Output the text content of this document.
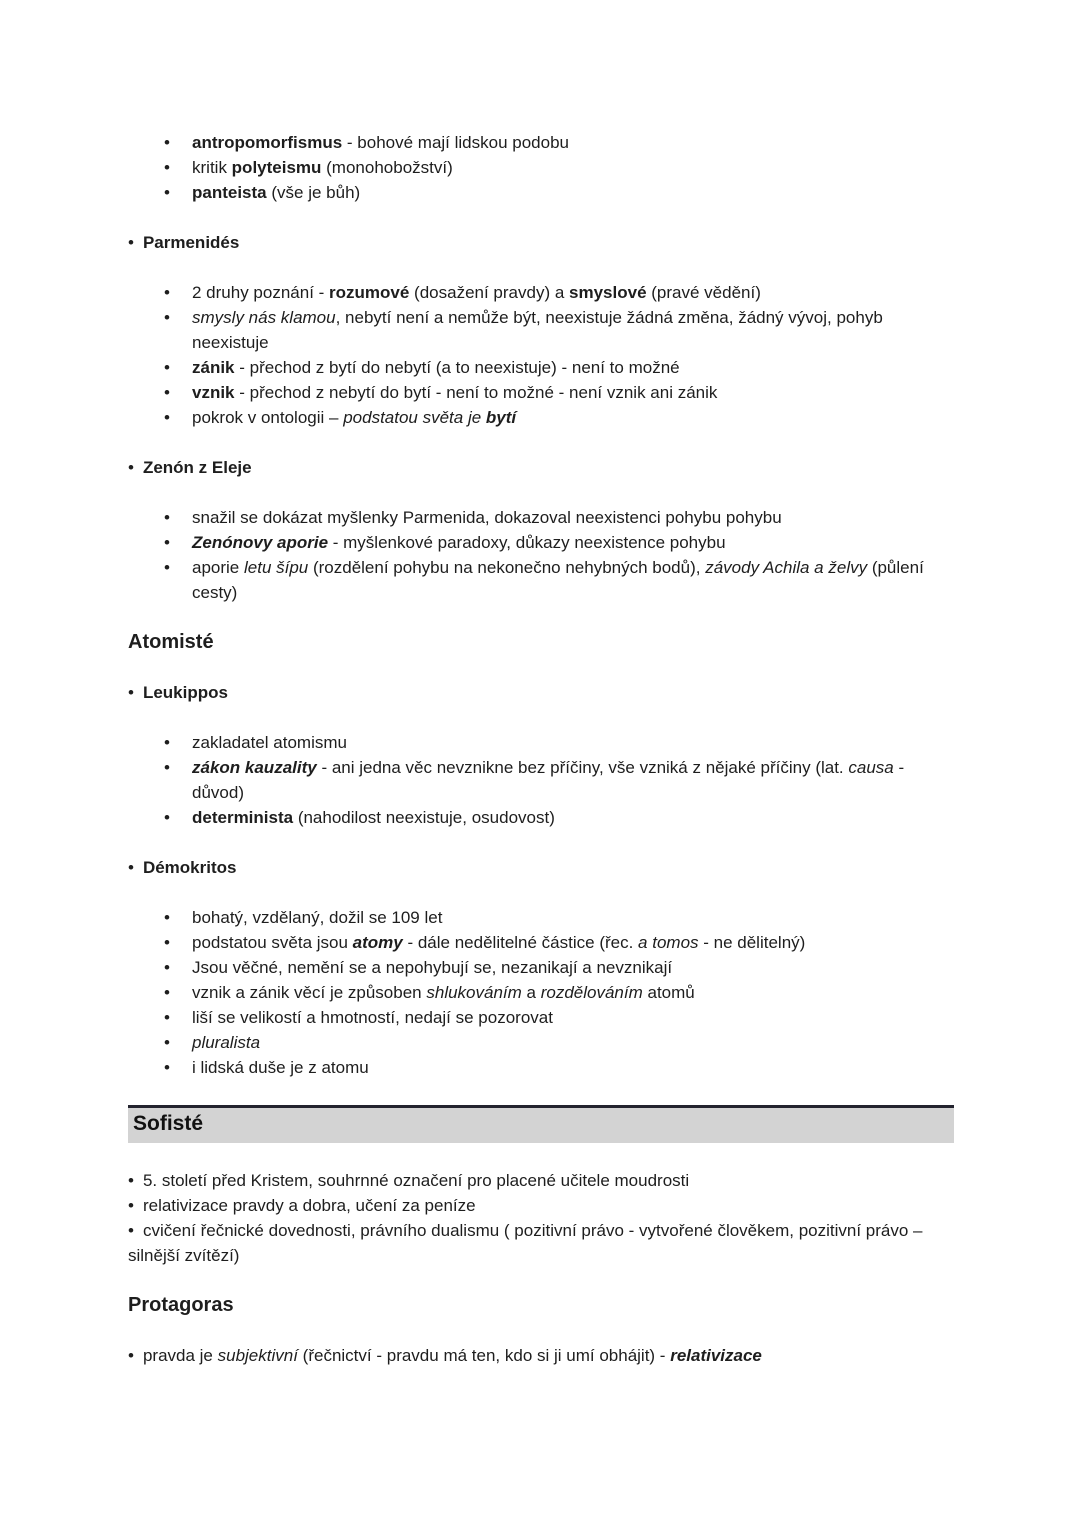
• antropomorfismus - bohové mají lidskou podobu
• kritik polyteismu (monohobožství)
• panteista (vše je bůh)
• Parmenidés
• 2 druhy poznání - rozumové (dosažení pravdy) a smyslové (pravé vědění)
• smysly nás klamou, nebytí není a nemůže být, neexistuje žádná změna, žádný vývoj, pohyb neexistuje
• zánik - přechod z bytí do nebytí (a to neexistuje) - není to možné
• vznik - přechod z nebytí do bytí - není to možné - není vznik ani zánik
• pokrok v ontologii – podstatou světa je bytí
• Zenón z Eleje
• snažil se dokázat myšlenky Parmenida, dokazoval neexistenci pohybu pohybu
• Zenónovy aporie - myšlenkové paradoxy, důkazy neexistence pohybu
• aporie letu šípu (rozdělení pohybu na nekonečno nehybných bodů), závody Achila a želvy (půlení cesty)
Atomisté
• Leukippos
• zakladatel atomismu
• zákon kauzality - ani jedna věc nevznikne bez příčiny, vše vzniká z nějaké příčiny (lat. causa - důvod)
• determinista (nahodilost neexistuje, osudovost)
• Démokritos
• bohatý, vzdělaný, dožil se 109 let
• podstatou světa jsou atomy - dále nedělitelné částice (řec. a tomos - ne dělitelný)
• Jsou věčné, nemění se a nepohybují se, nezanikají a nevznikají
• vznik a zánik věcí je způsoben shlukováním a rozdělováním atomů
• liší se velikostí a hmotností, nedají se pozorovat
• pluralista
• i lidská duše je z atomu
Sofisté
• 5. století před Kristem, souhrnné označení pro placené učitele moudrosti
• relativizace pravdy a dobra, učení za peníze
• cvičení řečnické dovednosti, právního dualismu ( pozitivní právo - vytvořené člověkem, pozitivní právo – silnější zvítězí)
Protagoras
• pravda je subjektivní (řečnictví - pravdu má ten, kdo si ji umí obhájit) - relativizace
